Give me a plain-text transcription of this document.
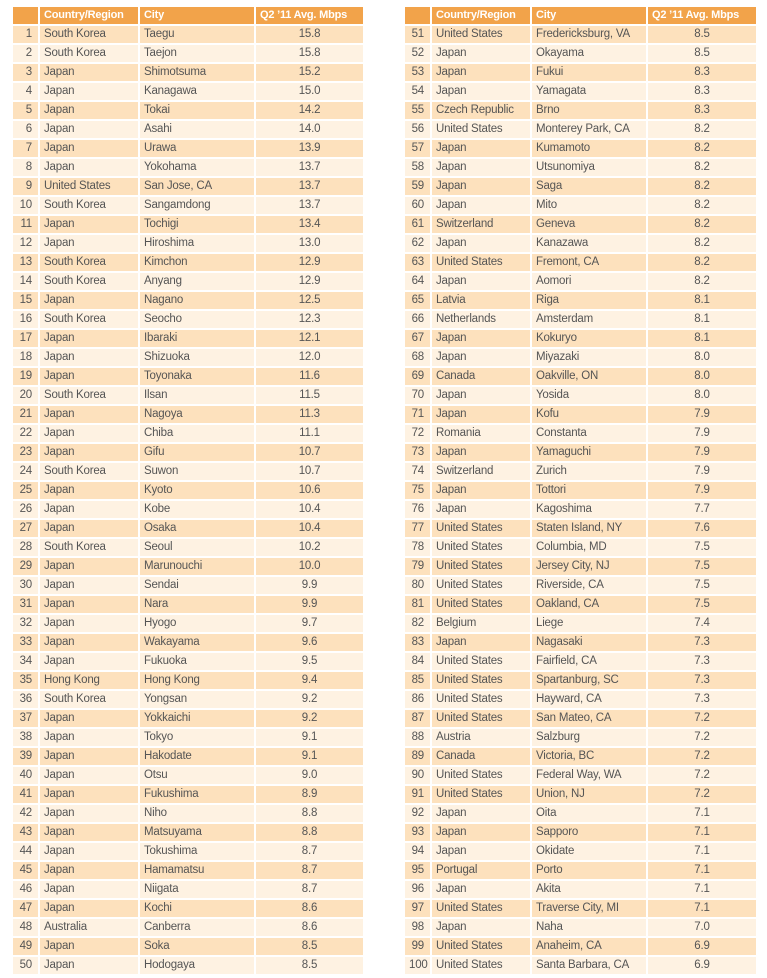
	Country/Region	City	Q2 ’11 Avg. Mbps
1	South Korea	Taegu	15.8
2	South Korea	Taejon	15.8
3	Japan	Shimotsuma	15.2
4	Japan	Kanagawa	15.0
5	Japan	Tokai	14.2
6	Japan	Asahi	14.0
7	Japan	Urawa	13.9
8	Japan	Yokohama	13.7
9	United States	San Jose, CA	13.7
10	South Korea	Sangamdong	13.7
11	Japan	Tochigi	13.4
12	Japan	Hiroshima	13.0
13	South Korea	Kimchon	12.9
14	South Korea	Anyang	12.9
15	Japan	Nagano	12.5
16	South Korea	Seocho	12.3
17	Japan	Ibaraki	12.1
18	Japan	Shizuoka	12.0
19	Japan	Toyonaka	11.6
20	South Korea	Ilsan	11.5
21	Japan	Nagoya	11.3
22	Japan	Chiba	11.1
23	Japan	Gifu	10.7
24	South Korea	Suwon	10.7
25	Japan	Kyoto	10.6
26	Japan	Kobe	10.4
27	Japan	Osaka	10.4
28	South Korea	Seoul	10.2
29	Japan	Marunouchi	10.0
30	Japan	Sendai	9.9
31	Japan	Nara	9.9
32	Japan	Hyogo	9.7
33	Japan	Wakayama	9.6
34	Japan	Fukuoka	9.5
35	Hong Kong	Hong Kong	9.4
36	South Korea	Yongsan	9.2
37	Japan	Yokkaichi	9.2
38	Japan	Tokyo	9.1
39	Japan	Hakodate	9.1
40	Japan	Otsu	9.0
41	Japan	Fukushima	8.9
42	Japan	Niho	8.8
43	Japan	Matsuyama	8.8
44	Japan	Tokushima	8.7
45	Japan	Hamamatsu	8.7
46	Japan	Niigata	8.7
47	Japan	Kochi	8.6
48	Australia	Canberra	8.6
49	Japan	Soka	8.5
50	Japan	Hodogaya	8.5
	Country/Region	City	Q2 ’11 Avg. Mbps
51	United States	Fredericksburg, VA	8.5
52	Japan	Okayama	8.5
53	Japan	Fukui	8.3
54	Japan	Yamagata	8.3
55	Czech Republic	Brno	8.3
56	United States	Monterey Park, CA	8.2
57	Japan	Kumamoto	8.2
58	Japan	Utsunomiya	8.2
59	Japan	Saga	8.2
60	Japan	Mito	8.2
61	Switzerland	Geneva	8.2
62	Japan	Kanazawa	8.2
63	United States	Fremont, CA	8.2
64	Japan	Aomori	8.2
65	Latvia	Riga	8.1
66	Netherlands	Amsterdam	8.1
67	Japan	Kokuryo	8.1
68	Japan	Miyazaki	8.0
69	Canada	Oakville, ON	8.0
70	Japan	Yosida	8.0
71	Japan	Kofu	7.9
72	Romania	Constanta	7.9
73	Japan	Yamaguchi	7.9
74	Switzerland	Zurich	7.9
75	Japan	Tottori	7.9
76	Japan	Kagoshima	7.7
77	United States	Staten Island, NY	7.6
78	United States	Columbia, MD	7.5
79	United States	Jersey City, NJ	7.5
80	United States	Riverside, CA	7.5
81	United States	Oakland, CA	7.5
82	Belgium	Liege	7.4
83	Japan	Nagasaki	7.3
84	United States	Fairfield, CA	7.3
85	United States	Spartanburg, SC	7.3
86	United States	Hayward, CA	7.3
87	United States	San Mateo, CA	7.2
88	Austria	Salzburg	7.2
89	Canada	Victoria, BC	7.2
90	United States	Federal Way, WA	7.2
91	United States	Union, NJ	7.2
92	Japan	Oita	7.1
93	Japan	Sapporo	7.1
94	Japan	Okidate	7.1
95	Portugal	Porto	7.1
96	Japan	Akita	7.1
97	United States	Traverse City, MI	7.1
98	Japan	Naha	7.0
99	United States	Anaheim, CA	6.9
100	United States	Santa Barbara, CA	6.9
